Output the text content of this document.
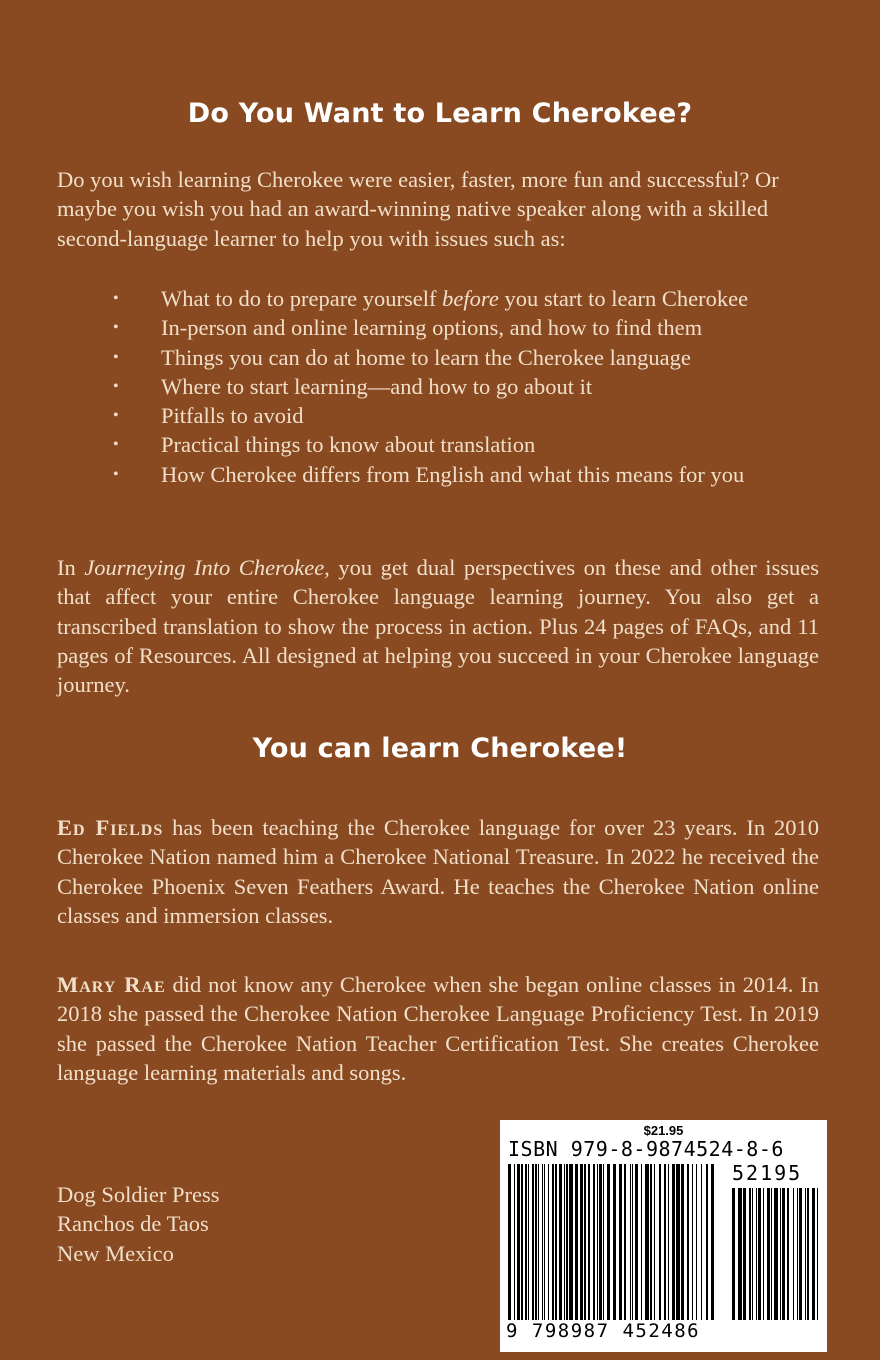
Do You Want to Learn Cherokee?
Do you wish learning Cherokee were easier, faster, more fun and successful? Or maybe you wish you had an award-winning native speaker along with a skilled second-language learner to help you with issues such as:
• What to do to prepare yourself before you start to learn Cherokee
• In-person and online learning options, and how to find them
• Things you can do at home to learn the Cherokee language
• Where to start learning—and how to go about it
• Pitfalls to avoid
• Practical things to know about translation
• How Cherokee differs from English and what this means for you
In Journeying Into Cherokee, you get dual perspectives on these and other issues that affect your entire Cherokee language learning journey. You also get a transcribed translation to show the process in action. Plus 24 pages of FAQs, and 11 pages of Resources. All designed at helping you succeed in your Cherokee language journey.
You can learn Cherokee!
Ed Fields has been teaching the Cherokee language for over 23 years. In 2010 Cherokee Nation named him a Cherokee National Treasure. In 2022 he received the Cherokee Phoenix Seven Feathers Award. He teaches the Cherokee Nation online classes and immersion classes.
Mary Rae did not know any Cherokee when she began online classes in 2014. In 2018 she passed the Cherokee Nation Cherokee Language Proficiency Test. In 2019 she passed the Cherokee Nation Teacher Certification Test. She creates Cherokee language learning materials and songs.
Dog Soldier Press
Ranchos de Taos
New Mexico
$21.95
ISBN 979-8-9874524-8-6
52195
9 798987 452486
